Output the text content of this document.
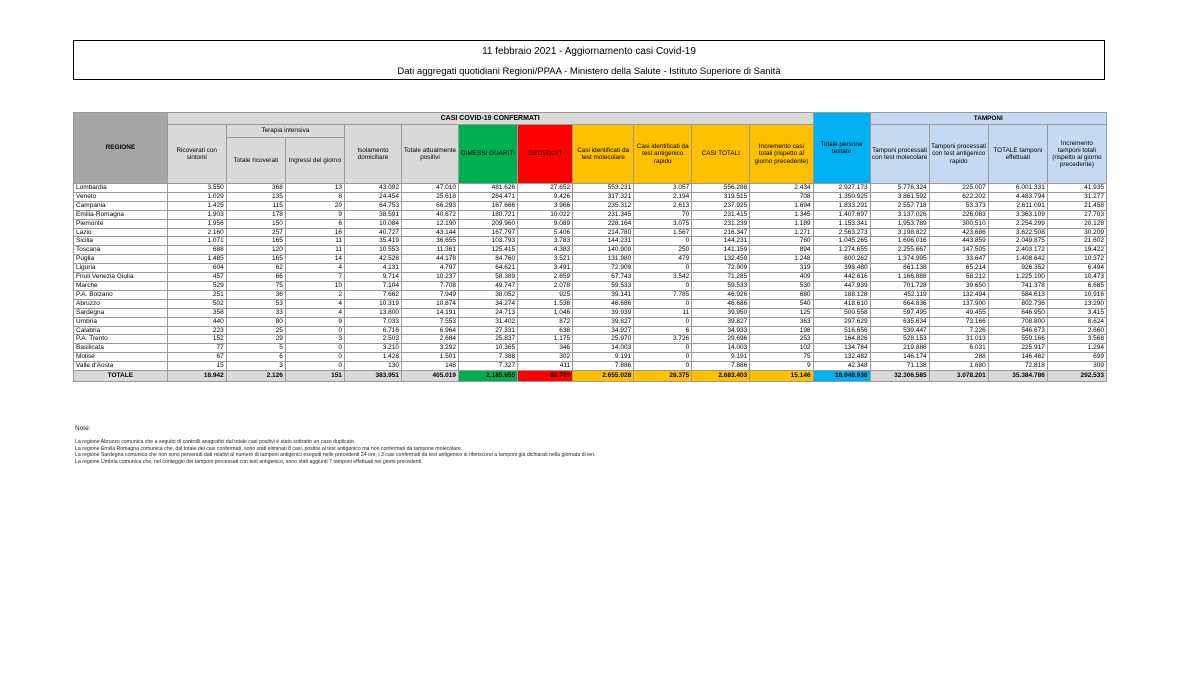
11 febbraio 2021 - Aggiornamento casi Covid-19
Dati aggregati quotidiani Regioni/PPAA - Ministero della Salute - Istituto Superiore di Sanità
REGIONE	CASI COVID-19 CONFERMATI											Totale persone testate	TAMPONI			
	Ricoverati con sintomi	Terapia intensiva		Isolamento domiciliare	Totale attualmente positivi	DIMESSI GUARITI	DECEDUTI	Casi identificati da test molecolare	Casi identificati da test antigenico rapido	CASI TOTALI	Incremento casi totali (rispetto al giorno precedente)		Tamponi processati con test molecolare	Tamponi processati con test antigenico rapido	TOTALE tamponi effettuati	Incremento tamponi totali (rispetto al giorno precedente)
		Totale ricoverati	Ingressi del giorno													
Lombardia	3.550	368	13	43.092	47.010	481.626	27.652	553.231	3.057	556.288	2.434	2.927.173	5.776.324	225.007	6.001.331	41.935
Veneto	1.029	135	8	24.454	25.618	284.471	9.426	317.321	2.194	319.515	708	1.350.925	3.861.592	622.202	4.483.794	31.277
Campania	1.425	115	20	64.753	66.293	167.666	3.966	235.312	2.613	237.925	1.694	1.833.291	2.557.718	53.373	2.611.091	21.458
Emilia-Romagna	1.903	178	9	38.591	40.672	180.721	10.022	231.345	70	231.415	1.345	1.407.697	3.137.026	226.083	3.363.109	27.703
Piemonte	1.956	150	6	10.084	12.190	209.960	9.089	228.164	3.075	231.239	1.189	1.153.341	1.953.789	300.510	2.254.299	20.128
Lazio	2.160	257	16	40.727	43.144	167.797	5.406	214.780	1.567	216.347	1.271	2.563.273	3.198.822	423.686	3.622.508	30.209
Sicilia	1.071	165	11	35.419	36.655	103.793	3.783	144.231	0	144.231	760	1.045.265	1.606.016	443.859	2.049.875	21.602
Toscana	688	120	11	10.553	11.361	125.415	4.383	140.909	250	141.159	894	1.274.655	2.255.667	147.505	2.403.172	19.422
Puglia	1.485	165	14	42.528	44.178	84.760	3.521	131.980	479	132.459	1.248	800.262	1.374.995	33.647	1.408.642	10.372
Liguria	604	62	4	4.131	4.797	64.621	3.491	72.909	0	72.909	319	398.480	861.138	65.214	926.352	6.494
Friuli Venezia Giulia	457	66	7	9.714	10.237	58.389	2.659	67.743	3.542	71.285	409	442.616	1.166.888	58.212	1.225.100	10.473
Marche	529	75	10	7.104	7.708	49.747	2.078	59.533	0	59.533	530	447.939	701.728	39.650	741.378	6.685
P.A. Bolzano	251	36	2	7.662	7.949	38.052	925	39.141	7.785	46.926	680	188.128	452.119	132.494	584.613	10.916
Abruzzo	502	53	4	10.319	10.874	34.274	1.538	46.686	0	46.686	540	418.610	664.836	137.900	802.736	13.290
Sardegna	358	33	4	13.800	14.191	24.713	1.046	39.939	11	39.950	125	500.558	597.495	49.455	646.950	3.415
Umbria	440	80	9	7.033	7.553	31.402	872	39.827	0	39.827	363	297.629	635.634	73.166	708.800	8.624
Calabria	223	25	0	6.716	6.964	27.331	638	34.927	6	34.933	198	516.656	539.447	7.226	546.673	2.660
P.A. Trento	152	29	3	2.503	2.684	25.837	1.175	25.970	3.726	29.696	253	164.826	528.153	31.013	559.166	3.568
Basilicata	77	5	0	3.210	3.292	10.365	346	14.003	0	14.003	102	134.784	219.886	6.031	225.917	1.294
Molise	67	6	0	1.428	1.501	7.388	302	9.191	0	9.191	75	132.482	146.174	288	146.462	699
Valle d'Aosta	15	3	0	130	148	7.327	411	7.886	0	7.886	9	42.348	71.138	1.680	72.818	309
TOTALE	18.942	2.126	151	383.951	405.019	2.185.655	92.729	2.655.028	28.375	2.683.403	15.146	18.040.938	32.306.585	3.078.201	35.384.786	292.533
Note:
La regione Abruzzo comunica che a seguito di controlli anagrafici dal totale casi positivi è stato sottratto un caso duplicato.
La regione Emilia Romagna comunica che, dal totale dei casi confermati, sono stati eliminati 8 casi, positivi al test antigenico ma non confermati da tampone molecolare.
La regione Sardegna comunica che non sono pervenuti dati relativi al numero di tamponi antigenici eseguiti nelle precedenti 24 ore; i 3 casi confermati da test antigenico si riferiscono a tamponi già dichiarati nella giornata di ieri.
La regione Umbria comunica che, nel conteggio dei tamponi processati con test antigenico, sono stati aggiunti 7 tamponi effettuati nei giorni precedenti.
